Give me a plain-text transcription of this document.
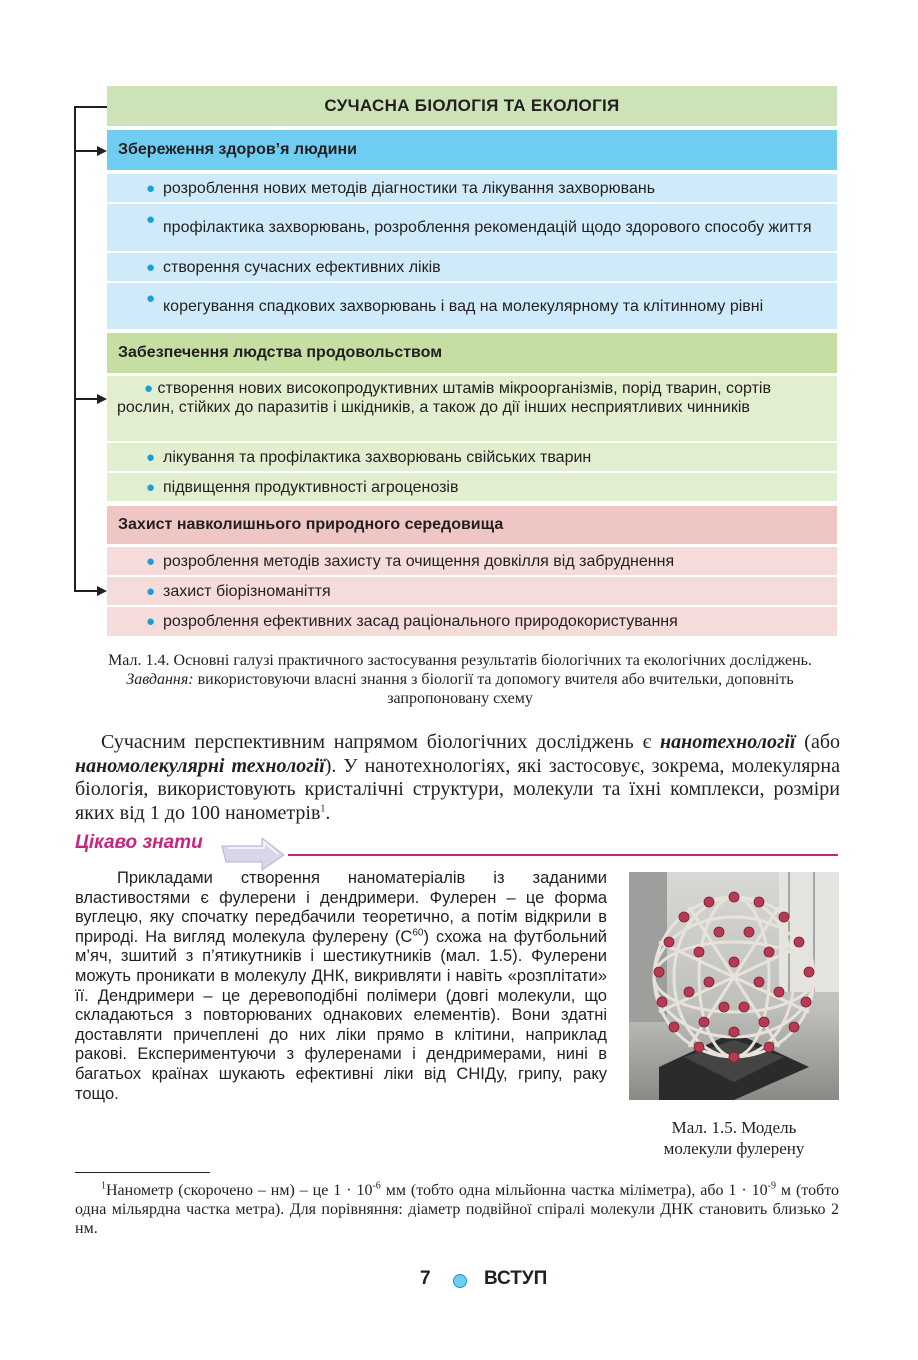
СУЧАСНА БІОЛОГІЯ ТА ЕКОЛОГІЯ
Збереження здоров’я людини
● розроблення нових методів діагностики та лікування захворювань
● профілактика захворювань, розроблення рекомендацій щодо здорового способу життя
● створення сучасних ефективних ліків
● корегування спадкових захворювань і вад на молекулярному та клітинному рівні
Забезпечення людства продовольством
● створення нових високопродуктивних штамів мікроорганізмів, порід тварин, сортів рослин, стійких до паразитів і шкідників, а також до дії інших несприятливих чинників
● лікування та профілактика захворювань свійських тварин
● підвищення продуктивності агроценозів
Захист навколишнього природного середовища
● розроблення методів захисту та очищення довкілля від забруднення
● захист біорізноманіття
● розроблення ефективних засад раціонального природокористування
Мал. 1.4. Основні галузі практичного застосування результатів біологічних та екологічних досліджень. Завдання: використовуючи власні знання з біології та допомогу вчителя або вчительки, доповніть запропоновану схему
Сучасним перспективним напрямом біологічних досліджень є нанотехнології (або наномолекулярні технології). У нанотехнологіях, які застосовує, зокрема, молекулярна біологія, використовують кристалічні структури, молекули та їхні комплекси, розміри яких від 1 до 100 нанометрів$^1$.
Цікаво знати
Прикладами створення наноматеріалів із заданими властивостями є фулерени і дендримери. Фулерен – це форма вуглецю, яку спочатку передбачили теоретично, а потім відкрили в природі. На вигляд молекула фулерену $(С^{60})$ схожа на футбольний м’яч, зшитий з п’ятикутників і шестикутників (мал. 1.5). Фулерени можуть проникати в молекулу ДНК, викривляти і навіть «розплітати» її. Дендримери – це деревоподібні полімери (довгі молекули, що складаються з повторюваних однакових елементів). Вони здатні доставляти причеплені до них ліки прямо в клітини, наприклад ракові. Експериментуючи з фулеренами і дендримерами, нині в багатьох країнах шукають ефективні ліки від СНІДу, грипу, раку тощо.
Мал. 1.5. Модель
молекули фулерену
$^1$Нанометр (скорочено – нм) – це $1 \cdot 10^{-6}$ мм (тобто одна мільйонна частка міліметра), або $1 \cdot 10^{-9}$ м (тобто одна мільярдна частка метра). Для порівняння: діаметр подвійної спіралі молекули ДНК становить близько 2 нм.
7	ВСТУП
